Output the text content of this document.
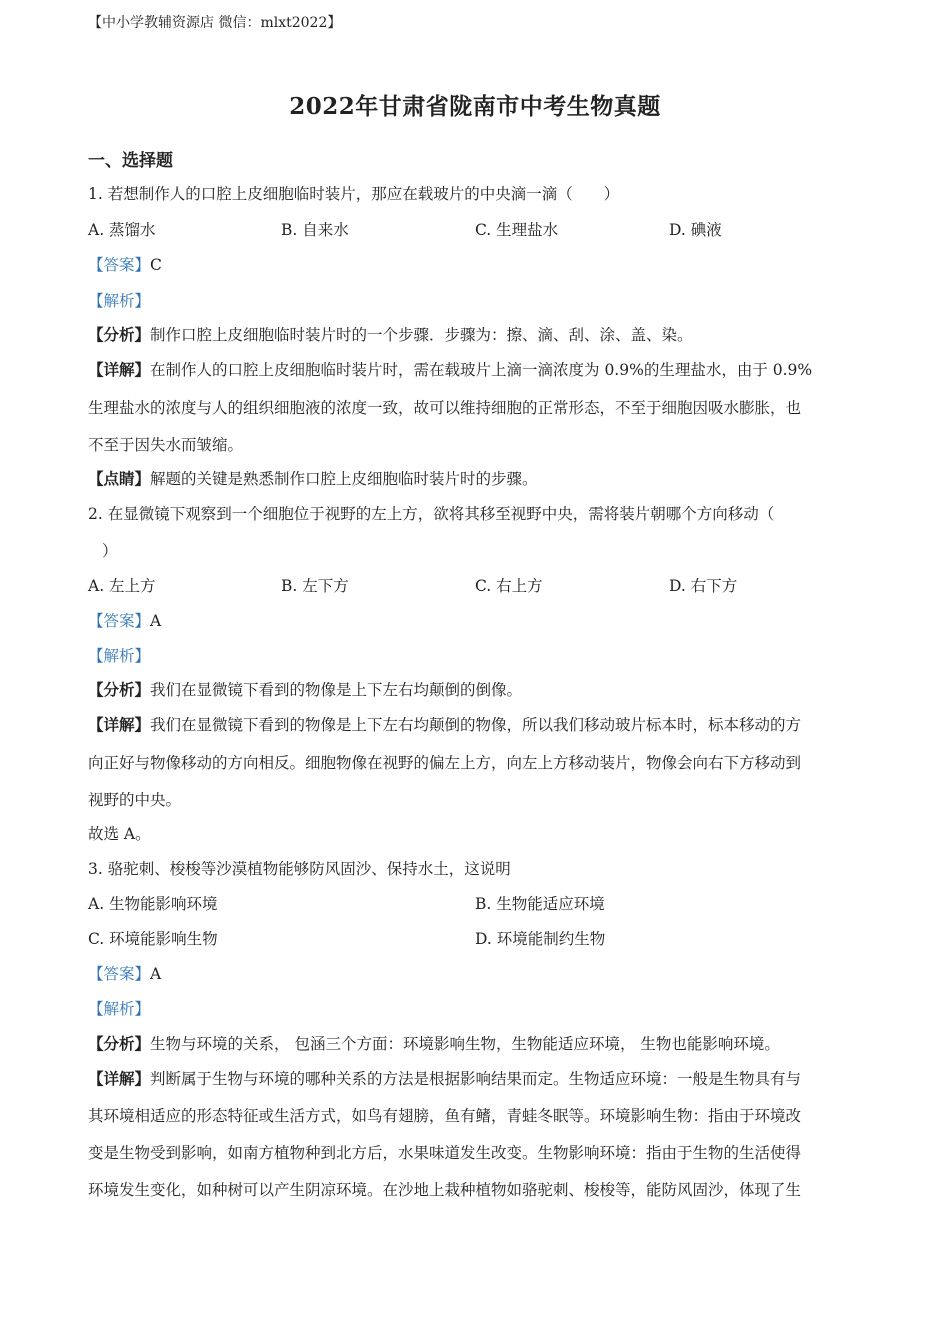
【中小学教辅资源店 微信：mlxt2022】
2022年甘肃省陇南市中考生物真题
一、选择题
1. 若想制作人的口腔上皮细胞临时装片，那应在载玻片的中央滴一滴（　　）
A. 蒸馏水	B. 自来水	C. 生理盐水	D. 碘液
【答案】C
【解析】
【分析】制作口腔上皮细胞临时装片时的一个步骤．步骤为：擦、滴、刮、涂、盖、染。
【详解】在制作人的口腔上皮细胞临时装片时，需在载玻片上滴一滴浓度为 0.9%的生理盐水，由于 0.9%
生理盐水的浓度与人的组织细胞液的浓度一致，故可以维持细胞的正常形态，不至于细胞因吸水膨胀，也
不至于因失水而皱缩。
【点睛】解题的关键是熟悉制作口腔上皮细胞临时装片时的步骤。
2. 在显微镜下观察到一个细胞位于视野的左上方，欲将其移至视野中央，需将装片朝哪个方向移动（
）
A. 左上方	B. 左下方	C. 右上方	D. 右下方
【答案】A
【解析】
【分析】我们在显微镜下看到的物像是上下左右均颠倒的倒像。
【详解】我们在显微镜下看到的物像是上下左右均颠倒的物像，所以我们移动玻片标本时，标本移动的方
向正好与物像移动的方向相反。细胞物像在视野的偏左上方，向左上方移动装片，物像会向右下方移动到
视野的中央。
故选 A。
3. 骆驼刺、梭梭等沙漠植物能够防风固沙、保持水土，这说明
A. 生物能影响环境	B. 生物能适应环境
C. 环境能影响生物	D. 环境能制约生物
【答案】A
【解析】
【分析】生物与环境的关系， 包涵三个方面：环境影响生物，生物能适应环境， 生物也能影响环境。
【详解】判断属于生物与环境的哪种关系的方法是根据影响结果而定。生物适应环境：一般是生物具有与
其环境相适应的形态特征或生活方式，如鸟有翅膀，鱼有鳍，青蛙冬眠等。环境影响生物：指由于环境改
变是生物受到影响，如南方植物种到北方后，水果味道发生改变。生物影响环境：指由于生物的生活使得
环境发生变化，如种树可以产生阴凉环境。在沙地上栽种植物如骆驼刺、梭梭等，能防风固沙，体现了生
